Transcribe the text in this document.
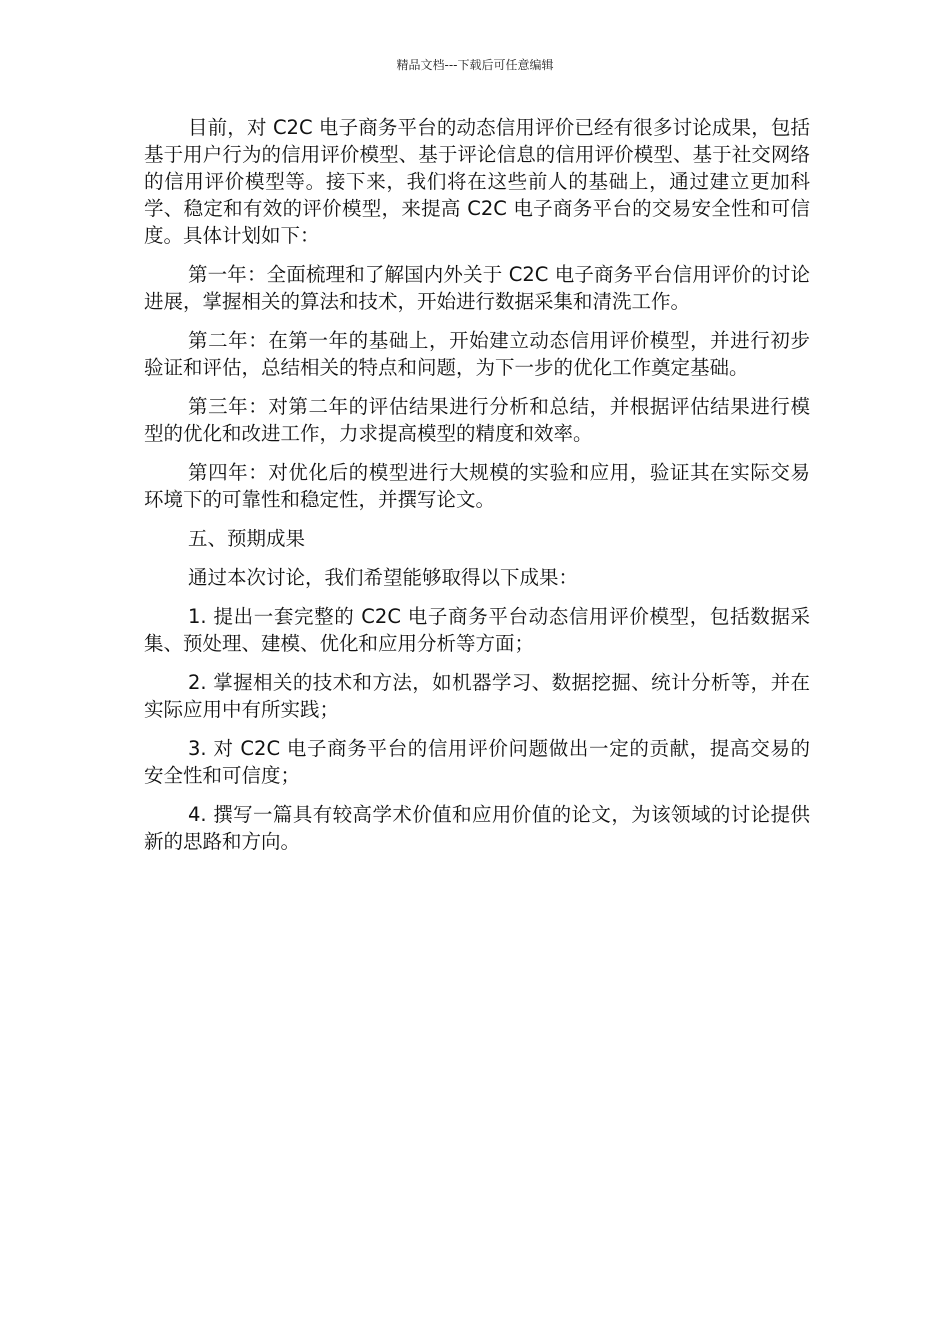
精品文档---下载后可任意编辑

目前，对 C2C 电子商务平台的动态信用评价已经有很多讨论成果，包括基于用户行为的信用评价模型、基于评论信息的信用评价模型、基于社交网络的信用评价模型等。接下来，我们将在这些前人的基础上，通过建立更加科学、稳定和有效的评价模型，来提高 C2C 电子商务平台的交易安全性和可信度。具体计划如下：

第一年：全面梳理和了解国内外关于 C2C 电子商务平台信用评价的讨论进展，掌握相关的算法和技术，开始进行数据采集和清洗工作。

第二年：在第一年的基础上，开始建立动态信用评价模型，并进行初步验证和评估，总结相关的特点和问题，为下一步的优化工作奠定基础。

第三年：对第二年的评估结果进行分析和总结，并根据评估结果进行模型的优化和改进工作，力求提高模型的精度和效率。

第四年：对优化后的模型进行大规模的实验和应用，验证其在实际交易环境下的可靠性和稳定性，并撰写论文。

五、预期成果

通过本次讨论，我们希望能够取得以下成果：

1. 提出一套完整的 C2C 电子商务平台动态信用评价模型，包括数据采集、预处理、建模、优化和应用分析等方面；

2. 掌握相关的技术和方法，如机器学习、数据挖掘、统计分析等，并在实际应用中有所实践；

3. 对 C2C 电子商务平台的信用评价问题做出一定的贡献，提高交易的安全性和可信度；

4. 撰写一篇具有较高学术价值和应用价值的论文，为该领域的讨论提供新的思路和方向。
